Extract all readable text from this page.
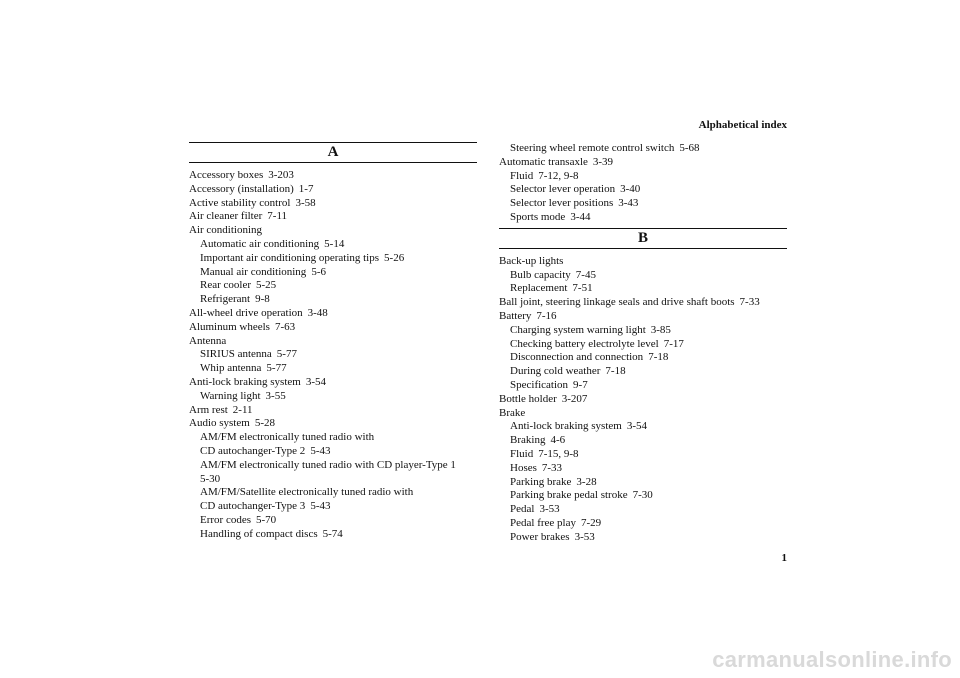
Alphabetical index
A
Accessory boxes 3-203
Accessory (installation) 1-7
Active stability control 3-58
Air cleaner filter 7-11
Air conditioning
Automatic air conditioning 5-14
Important air conditioning operating tips 5-26
Manual air conditioning 5-6
Rear cooler 5-25
Refrigerant 9-8
All-wheel drive operation 3-48
Aluminum wheels 7-63
Antenna
SIRIUS antenna 5-77
Whip antenna 5-77
Anti-lock braking system 3-54
Warning light 3-55
Arm rest 2-11
Audio system 5-28
AM/FM electronically tuned radio with
CD autochanger-Type 2 5-43
AM/FM electronically tuned radio with CD player-Type 1
5-30
AM/FM/Satellite electronically tuned radio with
CD autochanger-Type 3 5-43
Error codes 5-70
Handling of compact discs 5-74
Steering wheel remote control switch 5-68
Automatic transaxle 3-39
Fluid 7-12, 9-8
Selector lever operation 3-40
Selector lever positions 3-43
Sports mode 3-44
B
Back-up lights
Bulb capacity 7-45
Replacement 7-51
Ball joint, steering linkage seals and drive shaft boots 7-33
Battery 7-16
Charging system warning light 3-85
Checking battery electrolyte level 7-17
Disconnection and connection 7-18
During cold weather 7-18
Specification 9-7
Bottle holder 3-207
Brake
Anti-lock braking system 3-54
Braking 4-6
Fluid 7-15, 9-8
Hoses 7-33
Parking brake 3-28
Parking brake pedal stroke 7-30
Pedal 3-53
Pedal free play 7-29
Power brakes 3-53
1
carmanualsonline.info
